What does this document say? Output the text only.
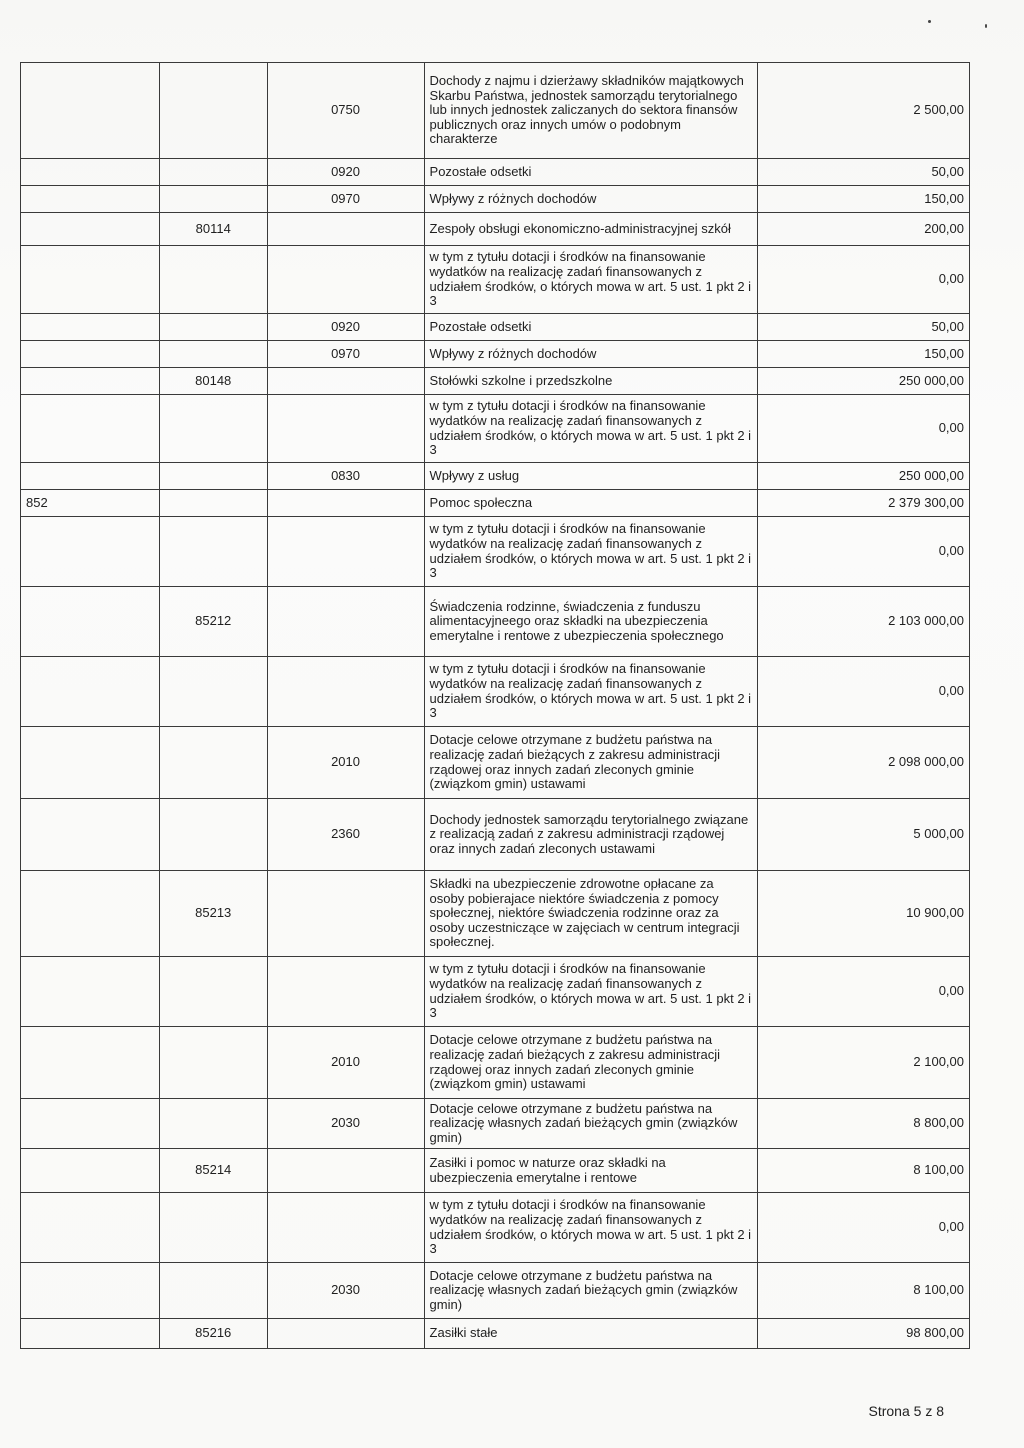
		0750	Dochody z najmu i dzierżawy składników majątkowych Skarbu Państwa, jednostek samorządu terytorialnego lub innych jednostek zaliczanych do sektora finansów publicznych oraz innych umów o podobnym charakterze	2 500,00
		0920	Pozostałe odsetki	50,00
		0970	Wpływy z różnych dochodów	150,00
	80114		Zespoły obsługi ekonomiczno-administracyjnej szkół	200,00
			w tym z tytułu dotacji i środków na finansowanie wydatków na realizację zadań finansowanych z udziałem środków, o których mowa w art. 5 ust. 1 pkt 2 i 3	0,00
		0920	Pozostałe odsetki	50,00
		0970	Wpływy z różnych dochodów	150,00
	80148		Stołówki szkolne i przedszkolne	250 000,00
			w tym z tytułu dotacji i środków na finansowanie wydatków na realizację zadań finansowanych z udziałem środków, o których mowa w art. 5 ust. 1 pkt 2 i 3	0,00
		0830	Wpływy z usług	250 000,00
852			Pomoc społeczna	2 379 300,00
			w tym z tytułu dotacji i środków na finansowanie wydatków na realizację zadań finansowanych z udziałem środków, o których mowa w art. 5 ust. 1 pkt 2 i 3	0,00
	85212		Świadczenia rodzinne, świadczenia z funduszu alimentacyjneego oraz składki na ubezpieczenia emerytalne i rentowe z ubezpieczenia społecznego	2 103 000,00
			w tym z tytułu dotacji i środków na finansowanie wydatków na realizację zadań finansowanych z udziałem środków, o których mowa w art. 5 ust. 1 pkt 2 i 3	0,00
		2010	Dotacje celowe otrzymane z budżetu państwa na realizację zadań bieżących z zakresu administracji rządowej oraz innych zadań zleconych gminie (związkom gmin) ustawami	2 098 000,00
		2360	Dochody jednostek samorządu terytorialnego związane z realizacją zadań z zakresu administracji rządowej oraz innych zadań zleconych ustawami	5 000,00
	85213		Składki na ubezpieczenie zdrowotne opłacane za osoby pobierajace niektóre świadczenia z pomocy społecznej, niektóre świadczenia rodzinne oraz za osoby uczestniczące w zajęciach w centrum integracji społecznej.	10 900,00
			w tym z tytułu dotacji i środków na finansowanie wydatków na realizację zadań finansowanych z udziałem środków, o których mowa w art. 5 ust. 1 pkt 2 i 3	0,00
		2010	Dotacje celowe otrzymane z budżetu państwa na realizację zadań bieżących z zakresu administracji rządowej oraz innych zadań zleconych gminie (związkom gmin) ustawami	2 100,00
		2030	Dotacje celowe otrzymane z budżetu państwa na realizację własnych zadań bieżących gmin (związków gmin)	8 800,00
	85214		Zasiłki i pomoc w naturze oraz składki na ubezpieczenia emerytalne i rentowe	8 100,00
			w tym z tytułu dotacji i środków na finansowanie wydatków na realizację zadań finansowanych z udziałem środków, o których mowa w art. 5 ust. 1 pkt 2 i 3	0,00
		2030	Dotacje celowe otrzymane z budżetu państwa na realizację własnych zadań bieżących gmin (związków gmin)	8 100,00
	85216		Zasiłki stałe	98 800,00
Strona 5 z 8
